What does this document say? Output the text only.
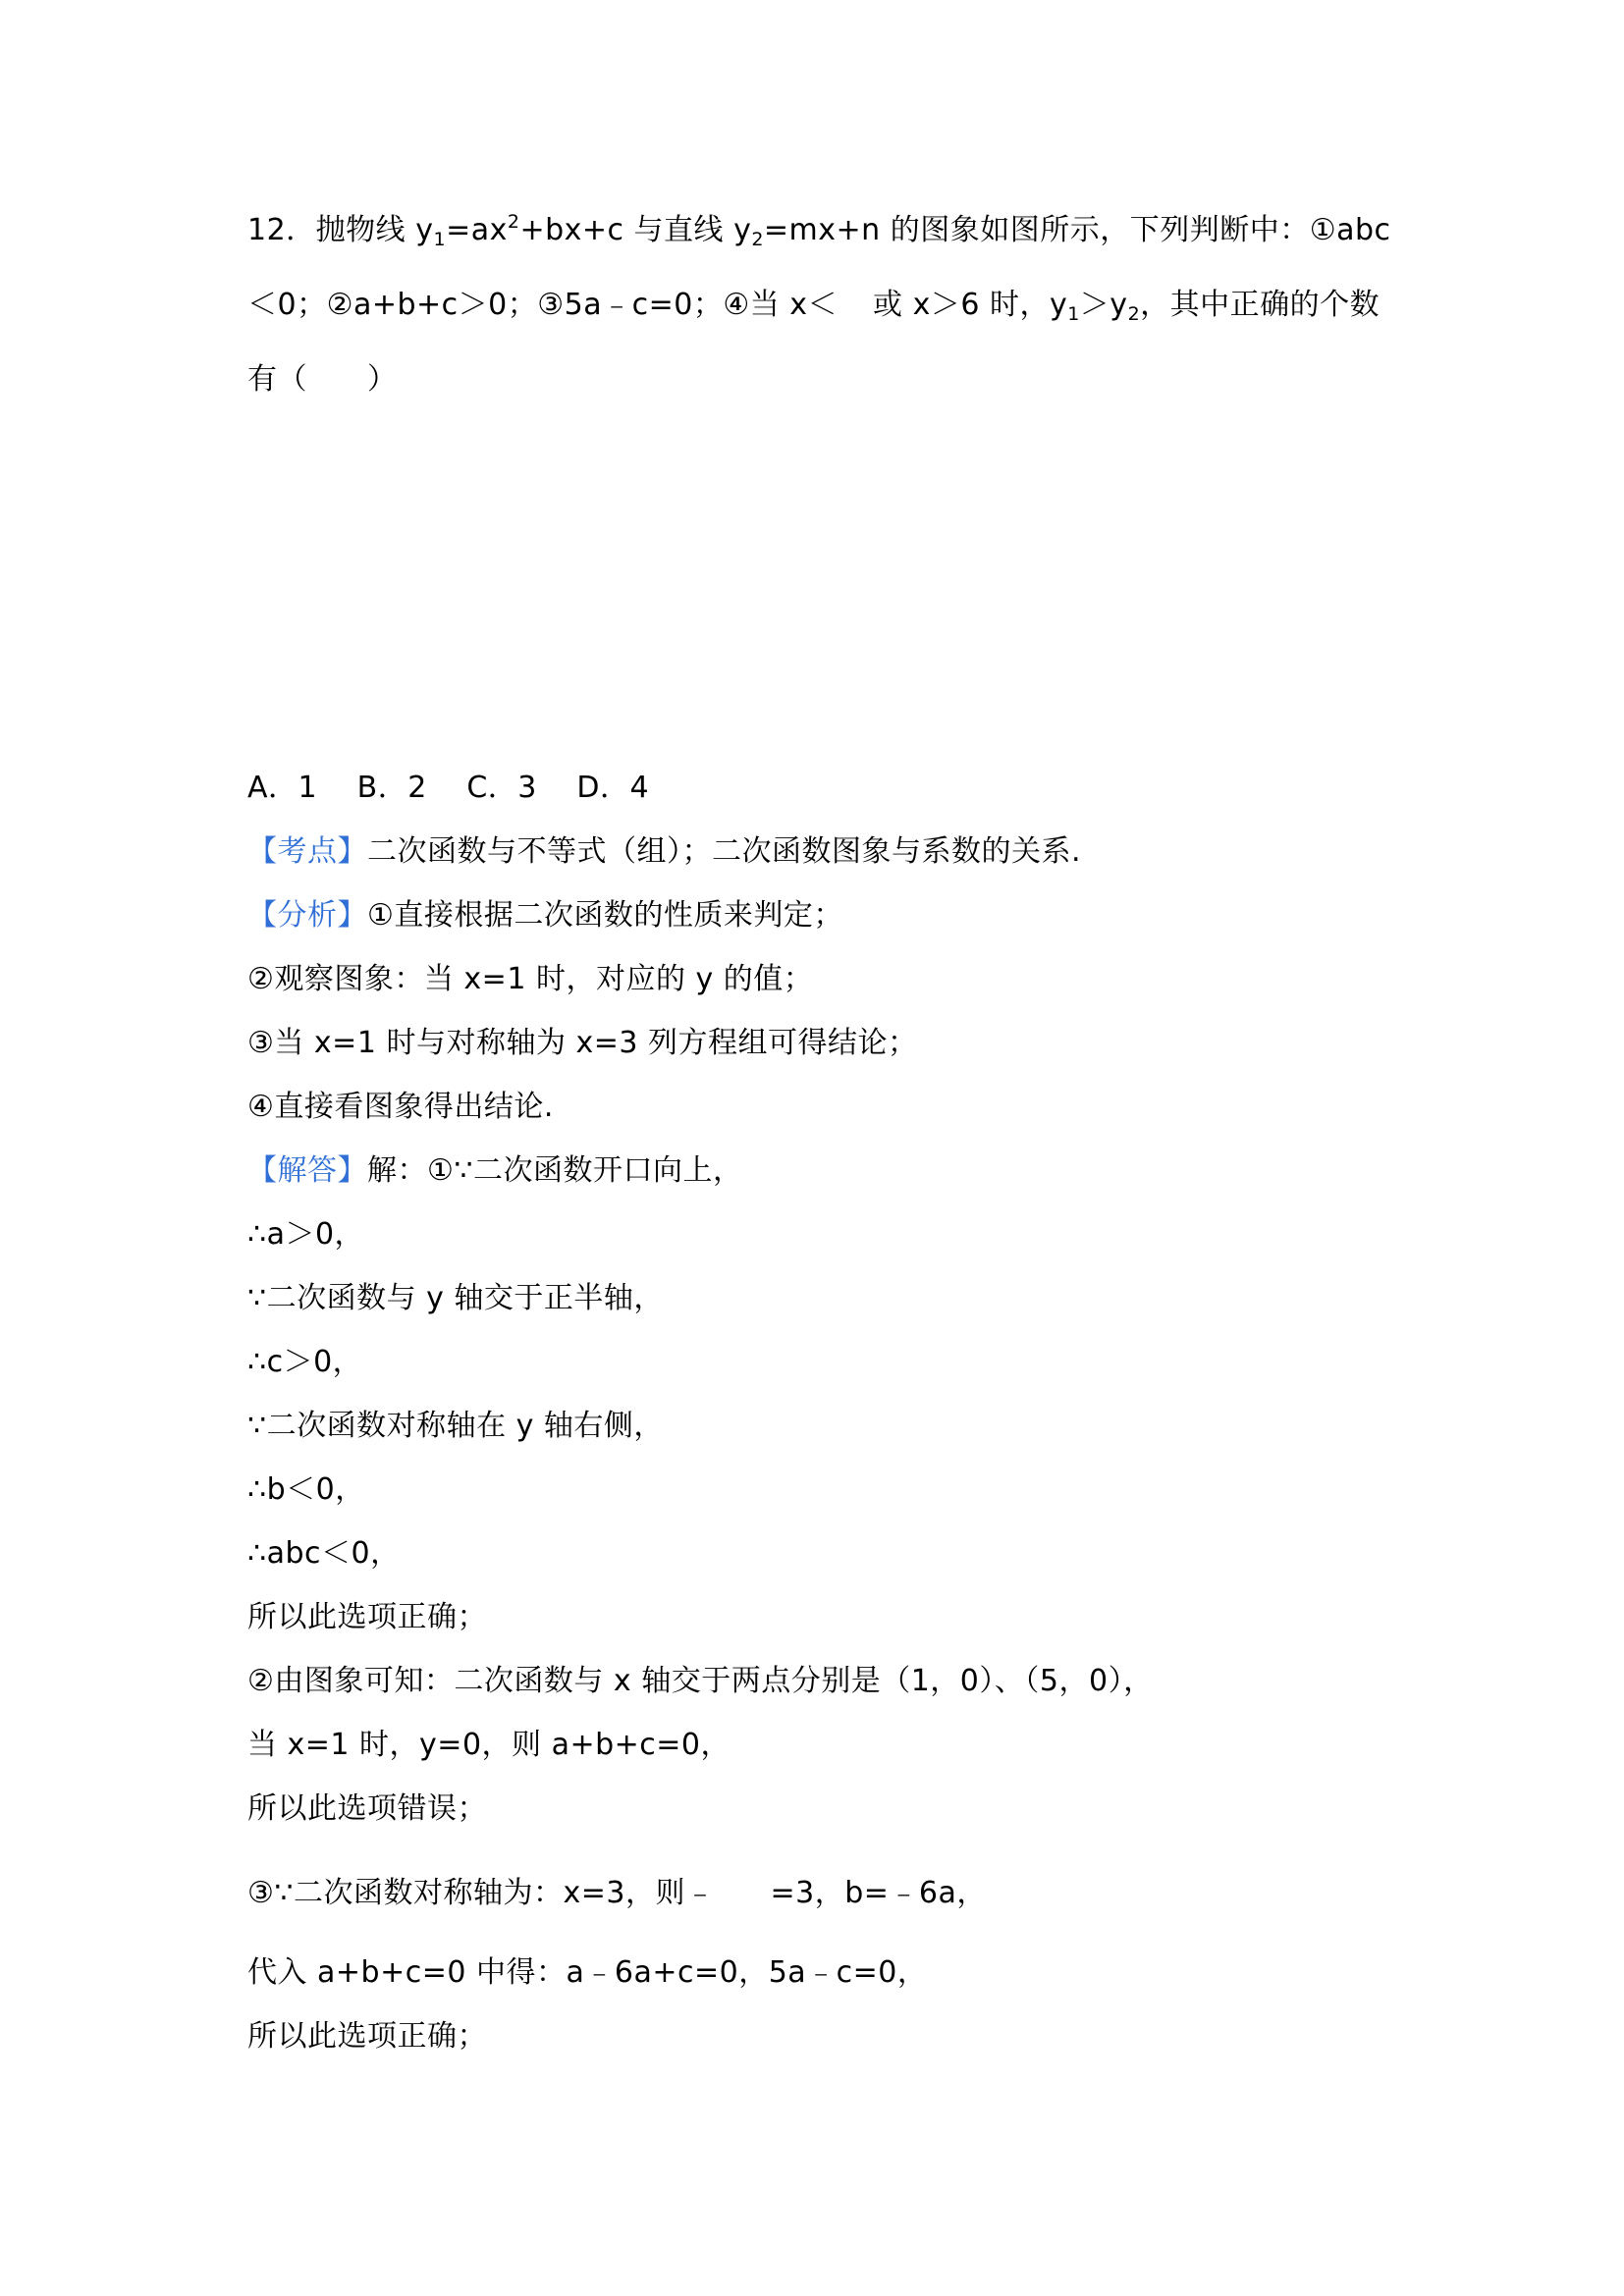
12．抛物线 $y_1=ax^2+bx+c$ 与直线 $y_2=mx+n$ 的图象如图所示，下列判断中：①abc
＜0；②a+b+c＞0；③5a﹣c=0；④当 x＜ 或 x＞6 时，$y_1>y_2$，其中正确的个数
有（　　）
A．1　 B．2　 C．3　 D．4
【考点】二次函数与不等式（组）；二次函数图象与系数的关系.
【分析】①直接根据二次函数的性质来判定；
②观察图象：当 x=1 时，对应的 y 的值；
③当 x=1 时与对称轴为 x=3 列方程组可得结论；
④直接看图象得出结论.
【解答】解：①∵二次函数开口向上，
∴a＞0，
∵二次函数与 y 轴交于正半轴，
∴c＞0，
∵二次函数对称轴在 y 轴右侧，
∴b＜0，
∴abc＜0，
所以此选项正确；
②由图象可知：二次函数与 x 轴交于两点分别是（1，0）、（5，0），
当 x=1 时，y=0，则 a+b+c=0，
所以此选项错误；
③∵二次函数对称轴为：x=3，则﹣ =3，b=﹣6a，
代入 a+b+c=0 中得：a﹣6a+c=0，5a﹣c=0，
所以此选项正确；
